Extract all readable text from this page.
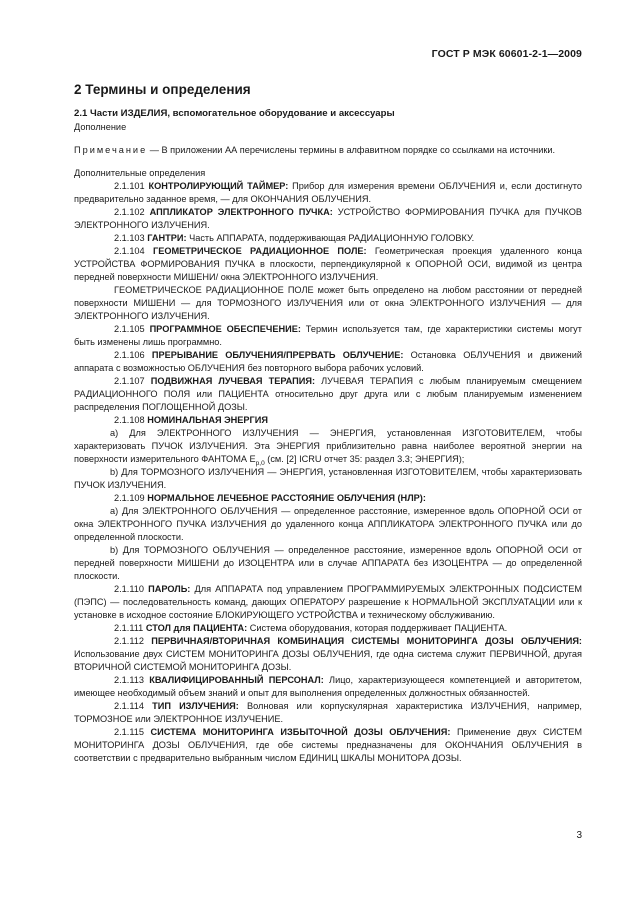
ГОСТ Р МЭК 60601-2-1—2009
2 Термины и определения

2.1 Части ИЗДЕЛИЯ, вспомогательное оборудование и аксессуары

Дополнение

Примечание — В приложении АА перечислены термины в алфавитном порядке со ссылками на источники.

Дополнительные определения

2.1.101 КОНТРОЛИРУЮЩИЙ ТАЙМЕР: Прибор для измерения времени ОБЛУЧЕНИЯ и, если достигнуто предварительно заданное время, — для ОКОНЧАНИЯ ОБЛУЧЕНИЯ.

2.1.102 АППЛИКАТОР ЭЛЕКТРОННОГО ПУЧКА: УСТРОЙСТВО ФОРМИРОВАНИЯ ПУЧКА для ПУЧКОВ ЭЛЕКТРОННОГО ИЗЛУЧЕНИЯ.

2.1.103 ГАНТРИ: Часть АППАРАТА, поддерживающая РАДИАЦИОННУЮ ГОЛОВКУ.

2.1.104 ГЕОМЕТРИЧЕСКОЕ РАДИАЦИОННОЕ ПОЛЕ: Геометрическая проекция удаленного конца УСТРОЙСТВА ФОРМИРОВАНИЯ ПУЧКА в плоскости, перпендикулярной к ОПОРНОЙ ОСИ, видимой из центра передней поверхности МИШЕНИ/ окна ЭЛЕКТРОННОГО ИЗЛУЧЕНИЯ.

ГЕОМЕТРИЧЕСКОЕ РАДИАЦИОННОЕ ПОЛЕ может быть определено на любом расстоянии от передней поверхности МИШЕНИ — для ТОРМОЗНОГО ИЗЛУЧЕНИЯ или от окна ЭЛЕКТРОННОГО ИЗЛУЧЕНИЯ — для ЭЛЕКТРОННОГО ИЗЛУЧЕНИЯ.

2.1.105 ПРОГРАММНОЕ ОБЕСПЕЧЕНИЕ: Термин используется там, где характеристики системы могут быть изменены лишь программно.

2.1.106 ПРЕРЫВАНИЕ ОБЛУЧЕНИЯ/ПРЕРВАТЬ ОБЛУЧЕНИЕ: Остановка ОБЛУЧЕНИЯ и движений аппарата с возможностью ОБЛУЧЕНИЯ без повторного выбора рабочих условий.

2.1.107 ПОДВИЖНАЯ ЛУЧЕВАЯ ТЕРАПИЯ: ЛУЧЕВАЯ ТЕРАПИЯ с любым планируемым смещением РАДИАЦИОННОГО ПОЛЯ или ПАЦИЕНТА относительно друг друга или с любым планируемым изменением распределения ПОГЛОЩЕННОЙ ДОЗЫ.

2.1.108 НОМИНАЛЬНАЯ ЭНЕРГИЯ

a) Для ЭЛЕКТРОННОГО ИЗЛУЧЕНИЯ — ЭНЕРГИЯ, установленная ИЗГОТОВИТЕЛЕМ, чтобы характеризовать ПУЧОК ИЗЛУЧЕНИЯ. Эта ЭНЕРГИЯ приблизительно равна наиболее вероятной энергии на поверхности измерительного ФАНТОМА $E_{p,0}$ (см. [2] ICRU отчет 35: раздел 3.3; ЭНЕРГИЯ);

b) Для ТОРМОЗНОГО ИЗЛУЧЕНИЯ — ЭНЕРГИЯ, установленная ИЗГОТОВИТЕЛЕМ, чтобы характеризовать ПУЧОК ИЗЛУЧЕНИЯ.

2.1.109 НОРМАЛЬНОЕ ЛЕЧЕБНОЕ РАССТОЯНИЕ ОБЛУЧЕНИЯ (НЛР):

a) Для ЭЛЕКТРОННОГО ОБЛУЧЕНИЯ — определенное расстояние, измеренное вдоль ОПОРНОЙ ОСИ от окна ЭЛЕКТРОННОГО ПУЧКА ИЗЛУЧЕНИЯ до удаленного конца АППЛИКАТОРА ЭЛЕКТРОННОГО ПУЧКА или до определенной плоскости.

b) Для ТОРМОЗНОГО ОБЛУЧЕНИЯ — определенное расстояние, измеренное вдоль ОПОРНОЙ ОСИ от передней поверхности МИШЕНИ до ИЗОЦЕНТРА или в случае АППАРАТА без ИЗОЦЕНТРА — до определенной плоскости.

2.1.110 ПАРОЛЬ: Для АППАРАТА под управлением ПРОГРАММИРУЕМЫХ ЭЛЕКТРОННЫХ ПОДСИСТЕМ (ПЭПС) — последовательность команд, дающих ОПЕРАТОРУ разрешение к НОРМАЛЬНОЙ ЭКСПЛУАТАЦИИ или к установке в исходное состояние БЛОКИРУЮЩЕГО УСТРОЙСТВА и техническому обслуживанию.

2.1.111 СТОЛ для ПАЦИЕНТА: Система оборудования, которая поддерживает ПАЦИЕНТА.

2.1.112 ПЕРВИЧНАЯ/ВТОРИЧНАЯ КОМБИНАЦИЯ СИСТЕМЫ МОНИТОРИНГА ДОЗЫ ОБЛУЧЕНИЯ: Использование двух СИСТЕМ МОНИТОРИНГА ДОЗЫ ОБЛУЧЕНИЯ, где одна система служит ПЕРВИЧНОЙ, другая ВТОРИЧНОЙ СИСТЕМОЙ МОНИТОРИНГА ДОЗЫ.

2.1.113 КВАЛИФИЦИРОВАННЫЙ ПЕРСОНАЛ: Лицо, характеризующееся компетенцией и авторитетом, имеющее необходимый объем знаний и опыт для выполнения определенных должностных обязанностей.

2.1.114 ТИП ИЗЛУЧЕНИЯ: Волновая или корпускулярная характеристика ИЗЛУЧЕНИЯ, например, ТОРМОЗНОЕ или ЭЛЕКТРОННОЕ ИЗЛУЧЕНИЕ.

2.1.115 СИСТЕМА МОНИТОРИНГА ИЗБЫТОЧНОЙ ДОЗЫ ОБЛУЧЕНИЯ: Применение двух СИСТЕМ МОНИТОРИНГА ДОЗЫ ОБЛУЧЕНИЯ, где обе системы предназначены для ОКОНЧАНИЯ ОБЛУЧЕНИЯ в соответствии с предварительно выбранным числом ЕДИНИЦ ШКАЛЫ МОНИТОРА ДОЗЫ.

3
